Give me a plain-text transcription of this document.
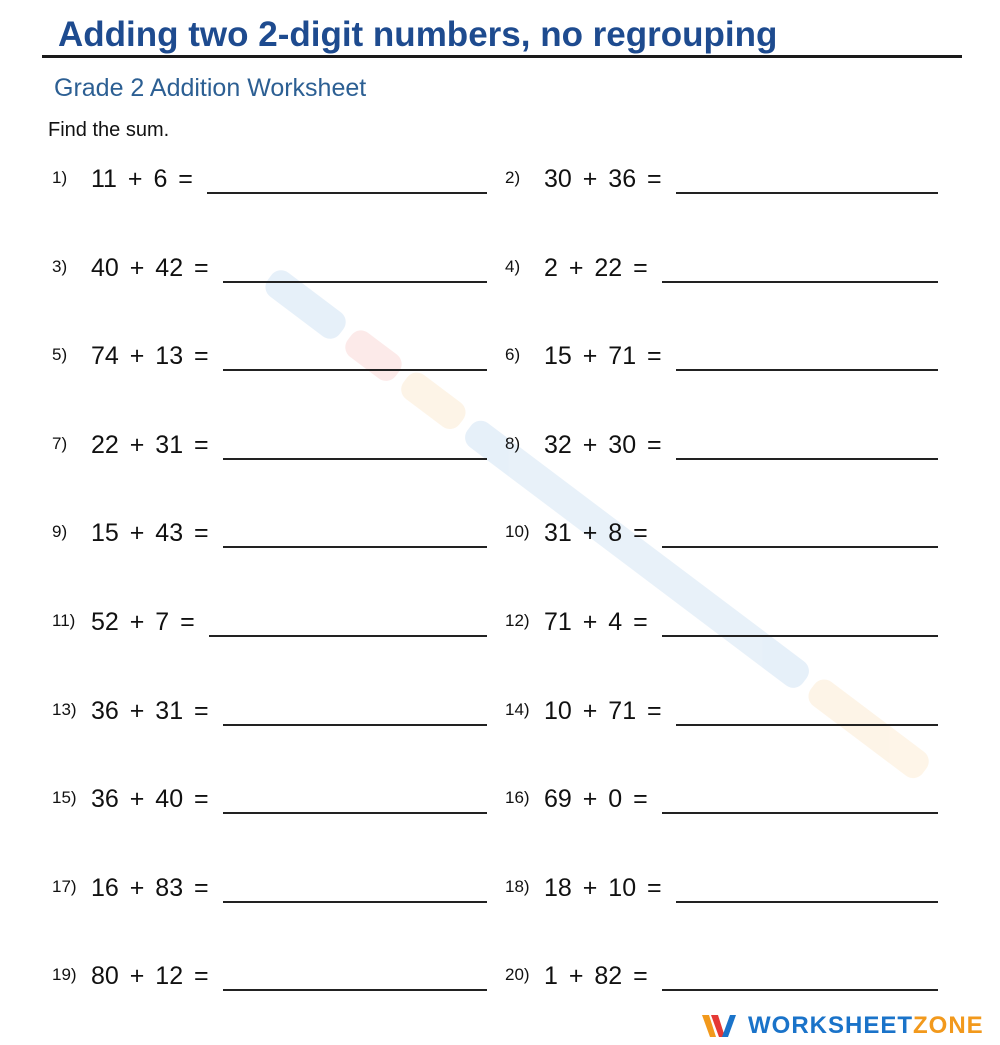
Adding two 2-digit numbers, no regrouping
Grade 2 Addition Worksheet
Find the sum.
1) 11 + 6 =	2) 30 + 36 =
3) 40 + 42 =	4) 2 + 22 =
5) 74 + 13 =	6) 15 + 71 =
7) 22 + 31 =	8) 32 + 30 =
9) 15 + 43 =	10) 31 + 8 =
11) 52 + 7 =	12) 71 + 4 =
13) 36 + 31 =	14) 10 + 71 =
15) 36 + 40 =	16) 69 + 0 =
17) 16 + 83 =	18) 18 + 10 =
19) 80 + 12 =	20) 1 + 82 =
WORKSHEETZONE
